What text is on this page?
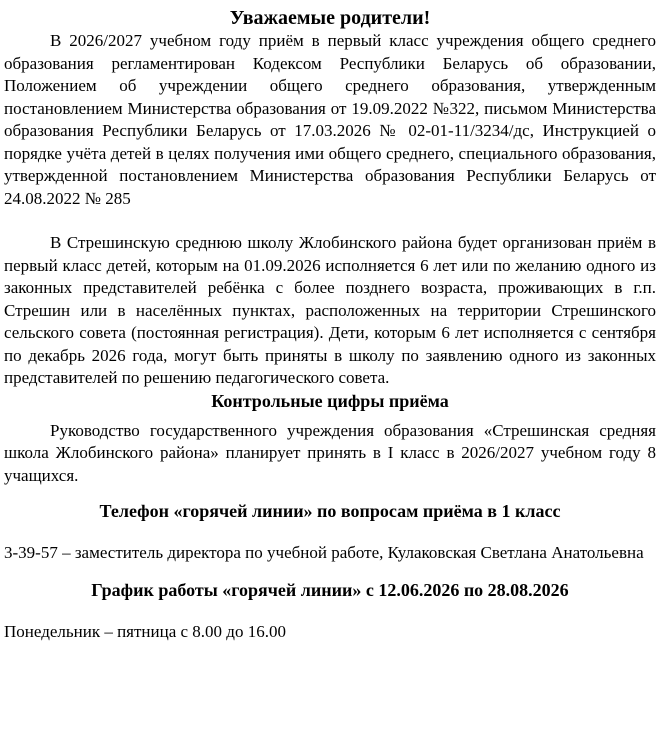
Уважаемые родители!

В 2026/2027 учебном году приём в первый класс учреждения общего среднего образования регламентирован Кодексом Республики Беларусь об образовании, Положением об учреждении общего среднего образования, утвержденным постановлением Министерства образования от 19.09.2022 №322, письмом Министерства образования Республики Беларусь от 17.03.2026 № 02-01-11/3234/дс, Инструкцией о порядке учёта детей в целях получения ими общего среднего, специального образования, утвержденной постановлением Министерства образования Республики Беларусь от 24.08.2022 № 285

В Стрешинскую среднюю школу Жлобинского района будет организован приём в первый класс детей, которым на 01.09.2026 исполняется 6 лет или по желанию одного из законных представителей ребёнка с более позднего возраста, проживающих в г.п. Стрешин или в населённых пунктах, расположенных на территории Стрешинского сельского совета (постоянная регистрация). Дети, которым 6 лет исполняется с сентября по декабрь 2026 года, могут быть приняты в школу по заявлению одного из законных представителей по решению педагогического совета.

Контрольные цифры приёма

Руководство государственного учреждения образования «Стрешинская средняя школа Жлобинского района» планирует принять в I класс в 2026/2027 учебном году 8 учащихся.

Телефон «горячей линии» по вопросам приёма в 1 класс

3-39-57 – заместитель директора по учебной работе, Кулаковская Светлана Анатольевна

График работы «горячей линии» с 12.06.2026 по 28.08.2026

Понедельник – пятница с 8.00 до 16.00
